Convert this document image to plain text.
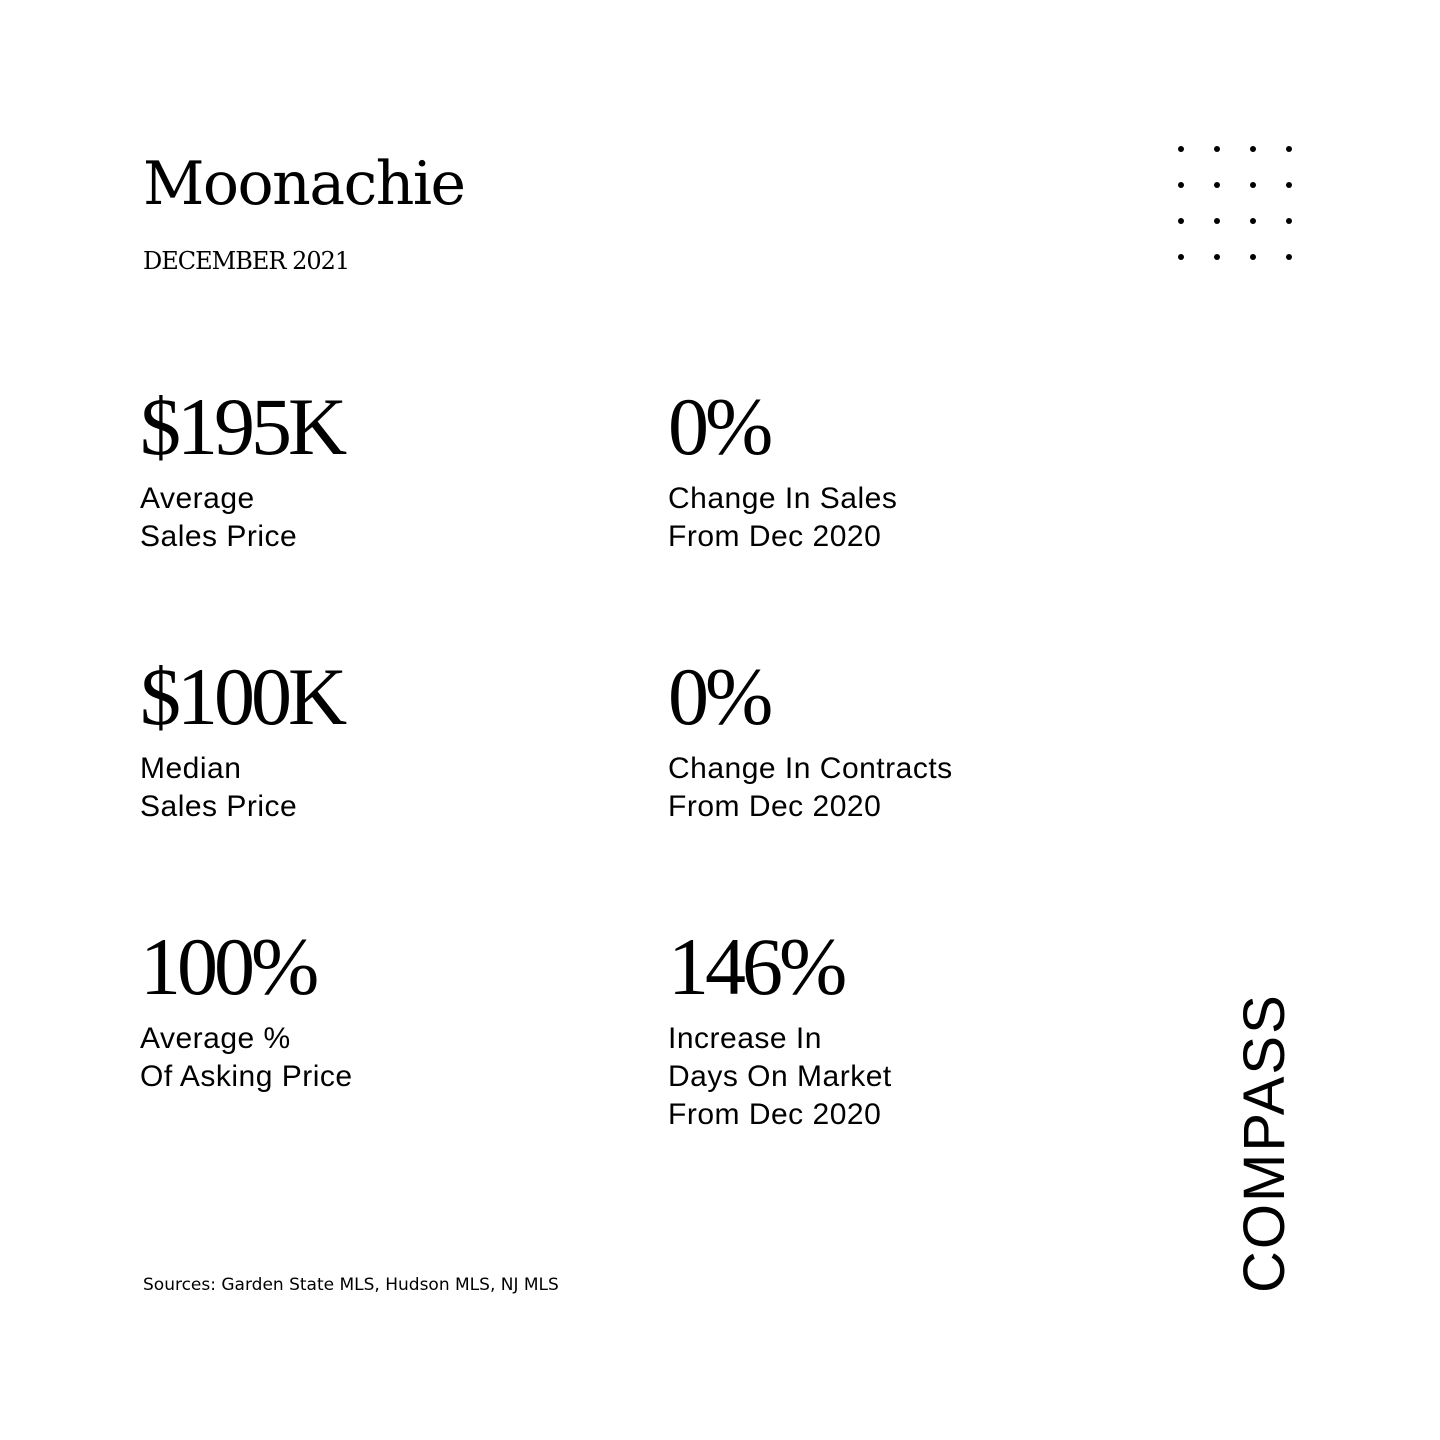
Moonachie

DECEMBER 2021

$195K

Average
Sales Price

0%

Change In Sales
From Dec 2020

$100K

Median
Sales Price

0%

Change In Contracts
From Dec 2020

100%

Average %
Of Asking Price

146%

Increase In
Days On Market
From Dec 2020

Sources: Garden State MLS, Hudson MLS, NJ MLS	COMPASS
